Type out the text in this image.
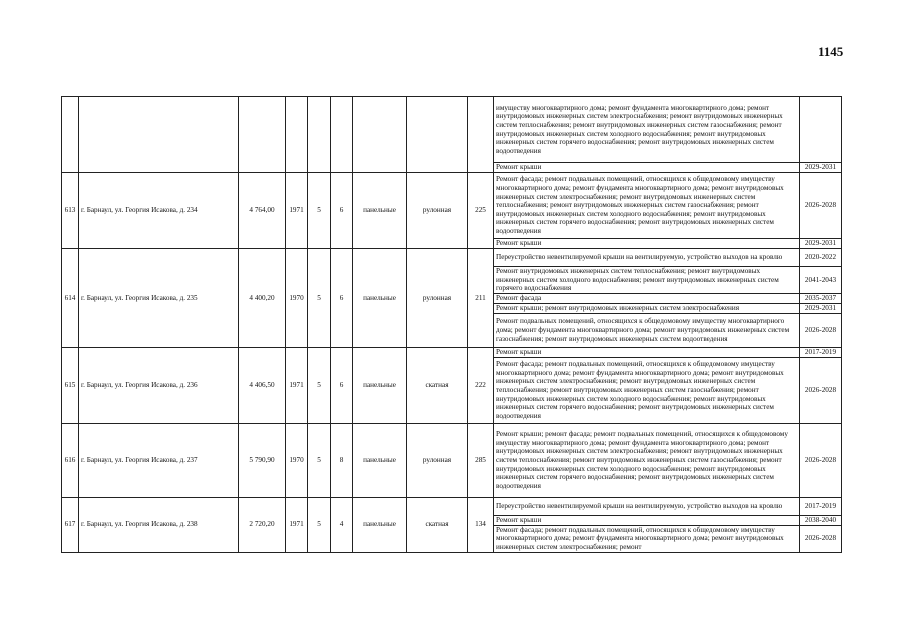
1145
									имуществу многоквартирного дома; ремонт фундамента многоквартирного дома; ремонт внутридомовых инженерных систем электроснабжения; ремонт внутридомовых инженерных систем теплоснабжения; ремонт внутридомовых инженерных систем газоснабжения; ремонт внутридомовых инженерных систем холодного водоснабжения; ремонт внутридомовых инженерных систем горячего водоснабжения; ремонт внутридомовых инженерных систем водоотведения	
									Ремонт крыши	2029-2031
613	г. Барнаул, ул. Георгия Исакова, д. 234	4 764,00	1971	5	6	панельные	рулонная	225	Ремонт фасада; ремонт подвальных помещений, относящихся к общедомовому имуществу многоквартирного дома; ремонт фундамента многоквартирного дома; ремонт внутридомовых инженерных систем электроснабжения; ремонт внутридомовых инженерных систем теплоснабжения; ремонт внутридомовых инженерных систем газоснабжения; ремонт внутридомовых инженерных систем холодного водоснабжения; ремонт внутридомовых инженерных систем горячего водоснабжения; ремонт внутридомовых инженерных систем водоотведения	2026-2028
									Ремонт крыши	2029-2031
614	г. Барнаул, ул. Георгия Исакова, д. 235	4 400,20	1970	5	6	панельные	рулонная	211	Переустройство невентилируемой крыши на вентилируемую, устройство выходов на кровлю	2020-2022
									Ремонт внутридомовых инженерных систем теплоснабжения; ремонт внутридомовых инженерных систем холодного водоснабжения; ремонт внутридомовых инженерных систем горячего водоснабжения	2041-2043
									Ремонт фасада	2035-2037
									Ремонт крыши; ремонт внутридомовых инженерных систем электроснабжения	2029-2031
									Ремонт подвальных помещений, относящихся к общедомовому имуществу многоквартирного дома; ремонт фундамента многоквартирного дома; ремонт внутридомовых инженерных систем газоснабжения; ремонт внутридомовых инженерных систем водоотведения	2026-2028
615	г. Барнаул, ул. Георгия Исакова, д. 236	4 406,50	1971	5	6	панельные	скатная	222	Ремонт крыши	2017-2019
									Ремонт фасада; ремонт подвальных помещений, относящихся к общедомовому имуществу многоквартирного дома; ремонт фундамента многоквартирного дома; ремонт внутридомовых инженерных систем электроснабжения; ремонт внутридомовых инженерных систем теплоснабжения; ремонт внутридомовых инженерных систем газоснабжения; ремонт внутридомовых инженерных систем холодного водоснабжения; ремонт внутридомовых инженерных систем горячего водоснабжения; ремонт внутридомовых инженерных систем водоотведения	2026-2028
616	г. Барнаул, ул. Георгия Исакова, д. 237	5 790,90	1970	5	8	панельные	рулонная	285	Ремонт крыши; ремонт фасада; ремонт подвальных помещений, относящихся к общедомовому имуществу многоквартирного дома; ремонт фундамента многоквартирного дома; ремонт внутридомовых инженерных систем электроснабжения; ремонт внутридомовых инженерных систем теплоснабжения; ремонт внутридомовых инженерных систем газоснабжения; ремонт внутридомовых инженерных систем холодного водоснабжения; ремонт внутридомовых инженерных систем горячего водоснабжения; ремонт внутридомовых инженерных систем водоотведения	2026-2028
617	г. Барнаул, ул. Георгия Исакова, д. 238	2 720,20	1971	5	4	панельные	скатная	134	Переустройство невентилируемой крыши на вентилируемую, устройство выходов на кровлю	2017-2019
									Ремонт крыши	2038-2040
									Ремонт фасада; ремонт подвальных помещений, относящихся к общедомовому имуществу многоквартирного дома; ремонт фундамента многоквартирного дома; ремонт внутридомовых инженерных систем электроснабжения; ремонт	2026-2028
